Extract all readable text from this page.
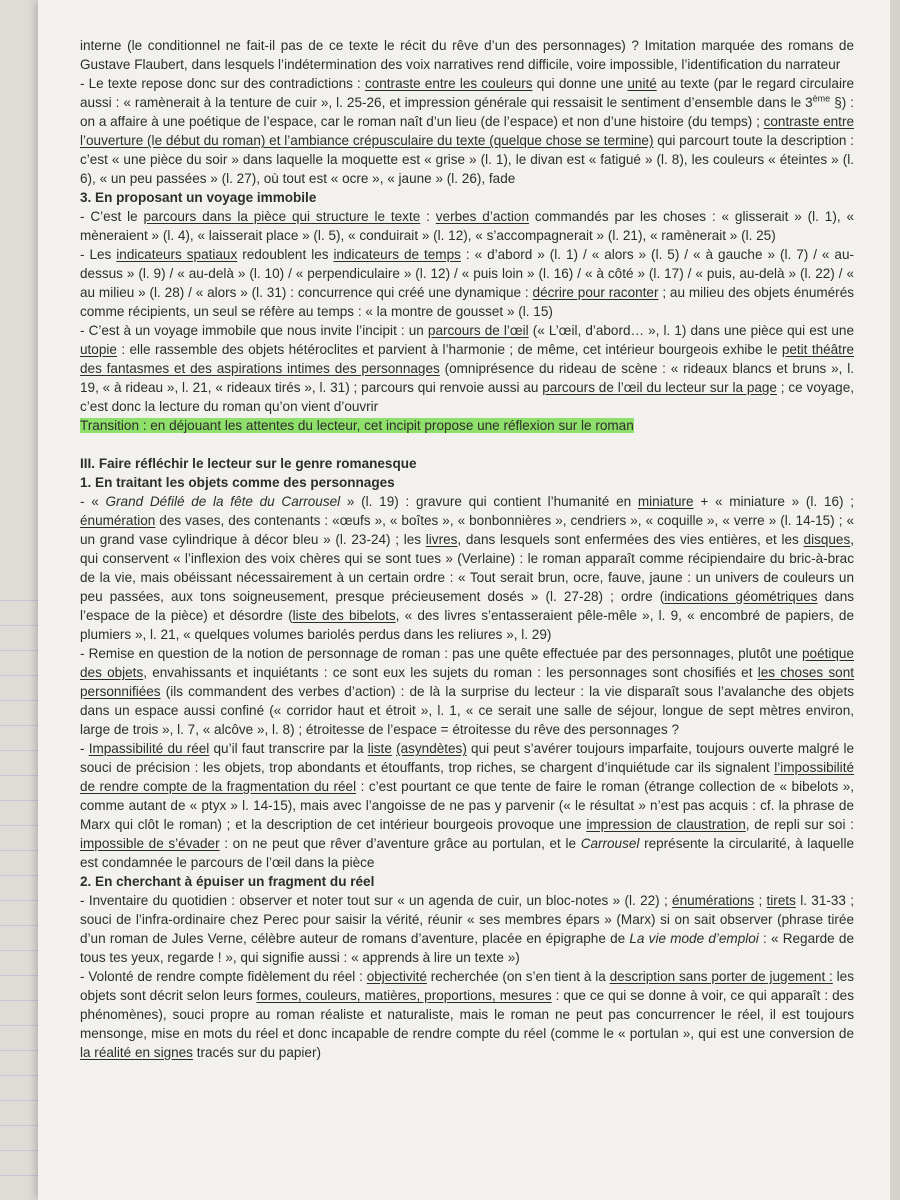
interne (le conditionnel ne fait-il pas de ce texte le récit du rêve d’un des personnages) ? Imitation marquée des romans de Gustave Flaubert, dans lesquels l’indétermination des voix narratives rend difficile, voire impossible, l’identification du narrateur

- Le texte repose donc sur des contradictions : contraste entre les couleurs qui donne une unité au texte (par le regard circulaire aussi : « ramènerait à la tenture de cuir », l. 25-26, et impression générale qui ressaisit le sentiment d’ensemble dans le 3ème §) : on a affaire à une poétique de l’espace, car le roman naît d’un lieu (de l’espace) et non d’une histoire (du temps) ; contraste entre l’ouverture (le début du roman) et l’ambiance crépusculaire du texte (quelque chose se termine) qui parcourt toute la description : c’est « une pièce du soir » dans laquelle la moquette est « grise » (l. 1), le divan est « fatigué » (l. 8), les couleurs « éteintes » (l. 6), « un peu passées » (l. 27), où tout est « ocre », « jaune » (l. 26), fade

3. En proposant un voyage immobile

- C’est le parcours dans la pièce qui structure le texte : verbes d’action commandés par les choses : « glisserait » (l. 1), « mèneraient » (l. 4), « laisserait place » (l. 5), « conduirait » (l. 12), « s’accompagnerait » (l. 21), « ramènerait » (l. 25)

- Les indicateurs spatiaux redoublent les indicateurs de temps : « d’abord » (l. 1) / « alors » (l. 5) / « à gauche » (l. 7) / « au-dessus » (l. 9) / « au-delà » (l. 10) / « perpendiculaire » (l. 12) / « puis loin » (l. 16) / « à côté » (l. 17) / « puis, au-delà » (l. 22) / « au milieu » (l. 28) / « alors » (l. 31) : concurrence qui créé une dynamique : décrire pour raconter ; au milieu des objets énumérés comme récipients, un seul se réfère au temps : « la montre de gousset » (l. 15)

- C’est à un voyage immobile que nous invite l’incipit : un parcours de l’œil (« L’œil, d’abord… », l. 1) dans une pièce qui est une utopie : elle rassemble des objets hétéroclites et parvient à l’harmonie ; de même, cet intérieur bourgeois exhibe le petit théâtre des fantasmes et des aspirations intimes des personnages (omniprésence du rideau de scène : « rideaux blancs et bruns », l. 19, « à rideau », l. 21, « rideaux tirés », l. 31) ; parcours qui renvoie aussi au parcours de l’œil du lecteur sur la page ; ce voyage, c’est donc la lecture du roman qu’on vient d’ouvrir

Transition : en déjouant les attentes du lecteur, cet incipit propose une réflexion sur le roman

III. Faire réfléchir le lecteur sur le genre romanesque

1. En traitant les objets comme des personnages

- « Grand Défilé de la fête du Carrousel » (l. 19) : gravure qui contient l’humanité en miniature + « miniature » (l. 16) ; énumération des vases, des contenants : «œufs », « boîtes », « bonbonnières », cendriers », « coquille », « verre » (l. 14-15) ; « un grand vase cylindrique à décor bleu » (l. 23-24) ; les livres, dans lesquels sont enfermées des vies entières, et les disques, qui conservent « l’inflexion des voix chères qui se sont tues » (Verlaine) : le roman apparaît comme récipiendaire du bric-à-brac de la vie, mais obéissant nécessairement à un certain ordre : « Tout serait brun, ocre, fauve, jaune : un univers de couleurs un peu passées, aux tons soigneusement, presque précieusement dosés » (l. 27-28) ; ordre (indications géométriques dans l’espace de la pièce) et désordre (liste des bibelots, « des livres s’entasseraient pêle-mêle », l. 9, « encombré de papiers, de plumiers », l. 21, « quelques volumes bariolés perdus dans les reliures », l. 29)

- Remise en question de la notion de personnage de roman : pas une quête effectuée par des personnages, plutôt une poétique des objets, envahissants et inquiétants : ce sont eux les sujets du roman : les personnages sont chosifiés et les choses sont personnifiées (ils commandent des verbes d’action) : de là la surprise du lecteur : la vie disparaît sous l’avalanche des objets dans un espace aussi confiné (« corridor haut et étroit », l. 1, « ce serait une salle de séjour, longue de sept mètres environ, large de trois », l. 7, « alcôve », l. 8) ; étroitesse de l’espace = étroitesse du rêve des personnages ?

- Impassibilité du réel qu’il faut transcrire par la liste (asyndètes) qui peut s’avérer toujours imparfaite, toujours ouverte malgré le souci de précision : les objets, trop abondants et étouffants, trop riches, se chargent d’inquiétude car ils signalent l’impossibilité de rendre compte de la fragmentation du réel : c’est pourtant ce que tente de faire le roman (étrange collection de « bibelots », comme autant de « ptyx » l. 14-15), mais avec l’angoisse de ne pas y parvenir (« le résultat » n’est pas acquis : cf. la phrase de Marx qui clôt le roman) ; et la description de cet intérieur bourgeois provoque une impression de claustration, de repli sur soi : impossible de s’évader : on ne peut que rêver d’aventure grâce au portulan, et le Carrousel représente la circularité, à laquelle est condamnée le parcours de l’œil dans la pièce

2. En cherchant à épuiser un fragment du réel

- Inventaire du quotidien : observer et noter tout sur « un agenda de cuir, un bloc-notes » (l. 22) ; énumérations ; tirets l. 31-33 ; souci de l’infra-ordinaire chez Perec pour saisir la vérité, réunir « ses membres épars » (Marx) si on sait observer (phrase tirée d’un roman de Jules Verne, célèbre auteur de romans d’aventure, placée en épigraphe de La vie mode d’emploi : « Regarde de tous tes yeux, regarde ! », qui signifie aussi : « apprends à lire un texte »)

- Volonté de rendre compte fidèlement du réel : objectivité recherchée (on s’en tient à la description sans porter de jugement : les objets sont décrit selon leurs formes, couleurs, matières, proportions, mesures : que ce qui se donne à voir, ce qui apparaît : des phénomènes), souci propre au roman réaliste et naturaliste, mais le roman ne peut pas concurrencer le réel, il est toujours mensonge, mise en mots du réel et donc incapable de rendre compte du réel (comme le « portulan », qui est une conversion de la réalité en signes tracés sur du papier)
